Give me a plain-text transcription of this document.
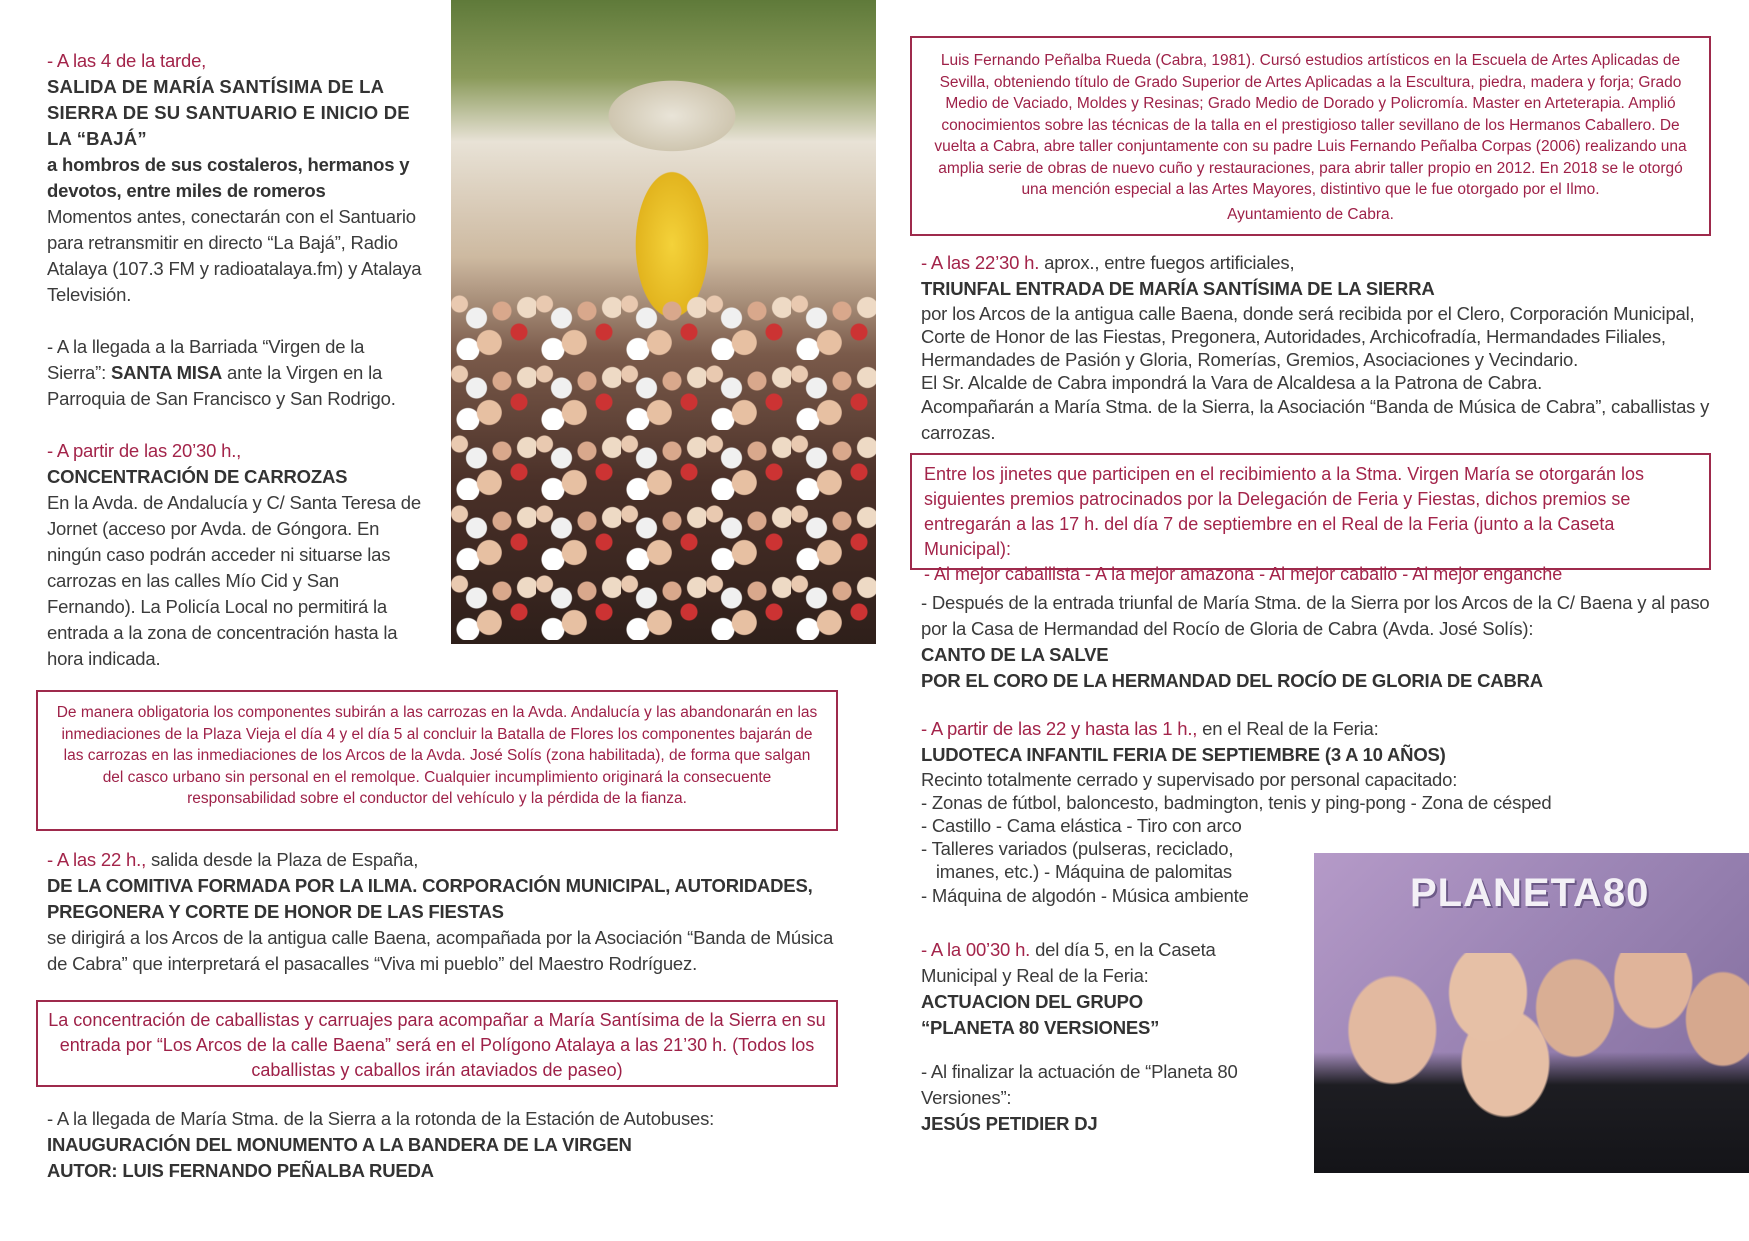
- A las 4 de la tarde,

SALIDA DE MARÍA SANTÍSIMA DE LA SIERRA DE SU SANTUARIO E INICIO DE LA “BAJÁ”

a hombros de sus costaleros, hermanos y devotos, entre miles de romeros

Momentos antes, conectarán con el Santuario para retransmitir en directo “La Bajá”, Radio Atalaya (107.3 FM y radioatalaya.fm) y Atalaya Televisión.

- A la llegada a la Barriada “Virgen de la Sierra”: SANTA MISA ante la Virgen en la Parroquia de San Francisco y San Rodrigo.

- A partir de las 20’30 h.,

CONCENTRACIÓN DE CARROZAS

En la Avda. de Andalucía y C/ Santa Teresa de Jornet (acceso por Avda. de Góngora. En ningún caso podrán acceder ni situarse las carrozas en las calles Mío Cid y San Fernando). La Policía Local no permitirá la entrada a la zona de concentración hasta la hora indicada.

De manera obligatoria los componentes subirán a las carrozas en la Avda. Andalucía y las abandonarán en las inmediaciones de la Plaza Vieja el día 4 y el día 5 al concluir la Batalla de Flores los componentes bajarán de las carrozas en las inmediaciones de los Arcos de la Avda. José Solís (zona habilitada), de forma que salgan del casco urbano sin personal en el remolque. Cualquier incumplimiento originará la consecuente responsabilidad sobre el conductor del vehículo y la pérdida de la fianza.

- A las 22 h., salida desde la Plaza de España,

DE LA COMITIVA FORMADA POR LA ILMA. CORPORACIÓN MUNICIPAL, AUTORIDADES, PREGONERA Y CORTE DE HONOR DE LAS FIESTAS

se dirigirá a los Arcos de la antigua calle Baena, acompañada por la Asociación “Banda de Música de Cabra” que interpretará el pasacalles “Viva mi pueblo” del Maestro Rodríguez.

La concentración de caballistas y carruajes para acompañar a María Santísima de la Sierra en su entrada por “Los Arcos de la calle Baena” será en el Polígono Atalaya a las 21’30 h. (Todos los caballistas y caballos irán ataviados de paseo)

- A la llegada de María Stma. de la Sierra a la rotonda de la Estación de Autobuses:

INAUGURACIÓN DEL MONUMENTO A LA BANDERA DE LA VIRGEN

AUTOR: LUIS FERNANDO PEÑALBA RUEDA

Luis Fernando Peñalba Rueda (Cabra, 1981). Cursó estudios artísticos en la Escuela de Artes Aplicadas de Sevilla, obteniendo título de Grado Superior de Artes Aplicadas a la Escultura, piedra, madera y forja; Grado Medio de Vaciado, Moldes y Resinas; Grado Medio de Dorado y Policromía. Master en Arteterapia. Amplió conocimientos sobre las técnicas de la talla en el prestigioso taller sevillano de los Hermanos Caballero. De vuelta a Cabra, abre taller conjuntamente con su padre Luis Fernando Peñalba Corpas (2006) realizando una amplia serie de obras de nuevo cuño y restauraciones, para abrir taller propio en 2012. En 2018 se le otorgó una mención especial a las Artes Mayores, distintivo que le fue otorgado por el Ilmo.

Ayuntamiento de Cabra.

- A las 22’30 h. aprox., entre fuegos artificiales,

TRIUNFAL ENTRADA DE MARÍA SANTÍSIMA DE LA SIERRA

por los Arcos de la antigua calle Baena, donde será recibida por el Clero, Corporación Municipal, Corte de Honor de las Fiestas, Pregonera, Autoridades, Archicofradía, Hermandades Filiales, Hermandades de Pasión y Gloria, Romerías, Gremios, Asociaciones y Vecindario.

El Sr. Alcalde de Cabra impondrá la Vara de Alcaldesa a la Patrona de Cabra.

Acompañarán a María Stma. de la Sierra, la Asociación “Banda de Música de Cabra”, caballistas y carrozas.

Entre los jinetes que participen en el recibimiento a la Stma. Virgen María se otorgarán los siguientes premios patrocinados por la Delegación de Feria y Fiestas, dichos premios se entregarán a las 17 h. del día 7 de septiembre en el Real de la Feria (junto a la Caseta Municipal):

- Al mejor caballista - A la mejor amazona - Al mejor caballo - Al mejor enganche

- Después de la entrada triunfal de María Stma. de la Sierra por los Arcos de la C/ Baena y al paso por la Casa de Hermandad del Rocío de Gloria de Cabra (Avda. José Solís):

CANTO DE LA SALVE

POR EL CORO DE LA HERMANDAD DEL ROCÍO DE GLORIA DE CABRA

- A partir de las 22 y hasta las 1 h., en el Real de la Feria:

LUDOTECA INFANTIL FERIA DE SEPTIEMBRE (3 A 10 AÑOS)

Recinto totalmente cerrado y supervisado por personal capacitado:

- Zonas de fútbol, baloncesto, badmington, tenis y ping-pong - Zona de césped

- Castillo - Cama elástica - Tiro con arco

- Talleres variados (pulseras, reciclado,

imanes, etc.) - Máquina de palomitas

- Máquina de algodón - Música ambiente

- A la 00’30 h. del día 5, en la Caseta Municipal y Real de la Feria:

ACTUACION DEL GRUPO

“PLANETA 80 VERSIONES”

- Al finalizar la actuación de “Planeta 80 Versiones”:

JESÚS PETIDIER DJ

PLANETA80
